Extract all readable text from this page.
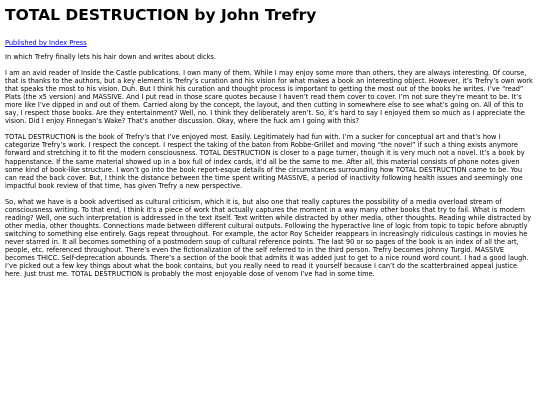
TOTAL DESTRUCTION by John Trefry
Published by Index Press

In which Trefry finally lets his hair down and writes about dicks.

I am an avid reader of Inside the Castle publications. I own many of them. While I may enjoy some more than others, they are always interesting. Of course, that is thanks to the authors, but a key element is Trefry’s curation and his vision for what makes a book an interesting object. However, it’s Trefry’s own work that speaks the most to his vision. Duh. But I think his curation and thought process is important to getting the most out of the books he writes. I’ve “read” Plats (the x5 version) and MASSIVE. And I put read in those scare quotes because I haven’t read them cover to cover. I’m not sure they’re meant to be. It’s more like I’ve dipped in and out of them. Carried along by the concept, the layout, and then cutting in somewhere else to see what’s going on. All of this to say, I respect those books. Are they entertainment? Well, no. I think they deliberately aren’t. So, it’s hard to say I enjoyed them so much as I appreciate the vision. Did I enjoy Finnegan’s Wake? That’s another discussion. Okay, where the fuck am I going with this?

TOTAL DESTRUCTION is the book of Trefry’s that I’ve enjoyed most. Easily. Legitimately had fun with. I’m a sucker for conceptual art and that’s how I categorize Trefry’s work. I respect the concept. I respect the taking of the baton from Robbe-Grillet and moving “the novel” if such a thing exists anymore forward and stretching it to fit the modern consciousness. TOTAL DESTRUCTION is closer to a page turner, though it is very much not a novel. It’s a book by happenstance. If the same material showed up in a box full of index cards, it’d all be the same to me. After all, this material consists of phone notes given some kind of book-like structure. I won’t go into the book report-esque details of the circumstances surrounding how TOTAL DESTRUCTION came to be. You can read the back cover. But, I think the distance between the time spent writing MASSIVE, a period of inactivity following health issues and seemingly one impactful book review of that time, has given Trefry a new perspective.

So, what we have is a book advertised as cultural criticism, which it is, but also one that really captures the possibility of a media overload stream of consciousness writing. To that end, I think it’s a piece of work that actually captures the moment in a way many other books that try to fail. What is modern reading? Well, one such interpretation is addressed in the text itself. Text written while distracted by other media, other thoughts. Reading while distracted by other media, other thoughts. Connections made between different cultural outputs. Following the hyperactive line of logic from topic to topic before abruptly switching to something else entirely. Gags repeat throughout. For example, the actor Roy Scheider reappears in increasingly ridiculous castings in movies he never starred in. It all becomes something of a postmodern soup of cultural reference points. The last 90 or so pages of the book is an index of all the art, people, etc. referenced throughout. There’s even the fictionalization of the self referred to in the third person. Trefry becomes Johnny Turgid. MASSIVE becomes THICC. Self-deprecation abounds. There’s a section of the book that admits it was added just to get to a nice round word count. I had a good laugh. I’ve picked out a few key things about what the book contains, but you really need to read it yourself because I can’t do the scatterbrained appeal justice here. Just trust me. TOTAL DESTRUCTION is probably the most enjoyable dose of venom I’ve had in some time.
